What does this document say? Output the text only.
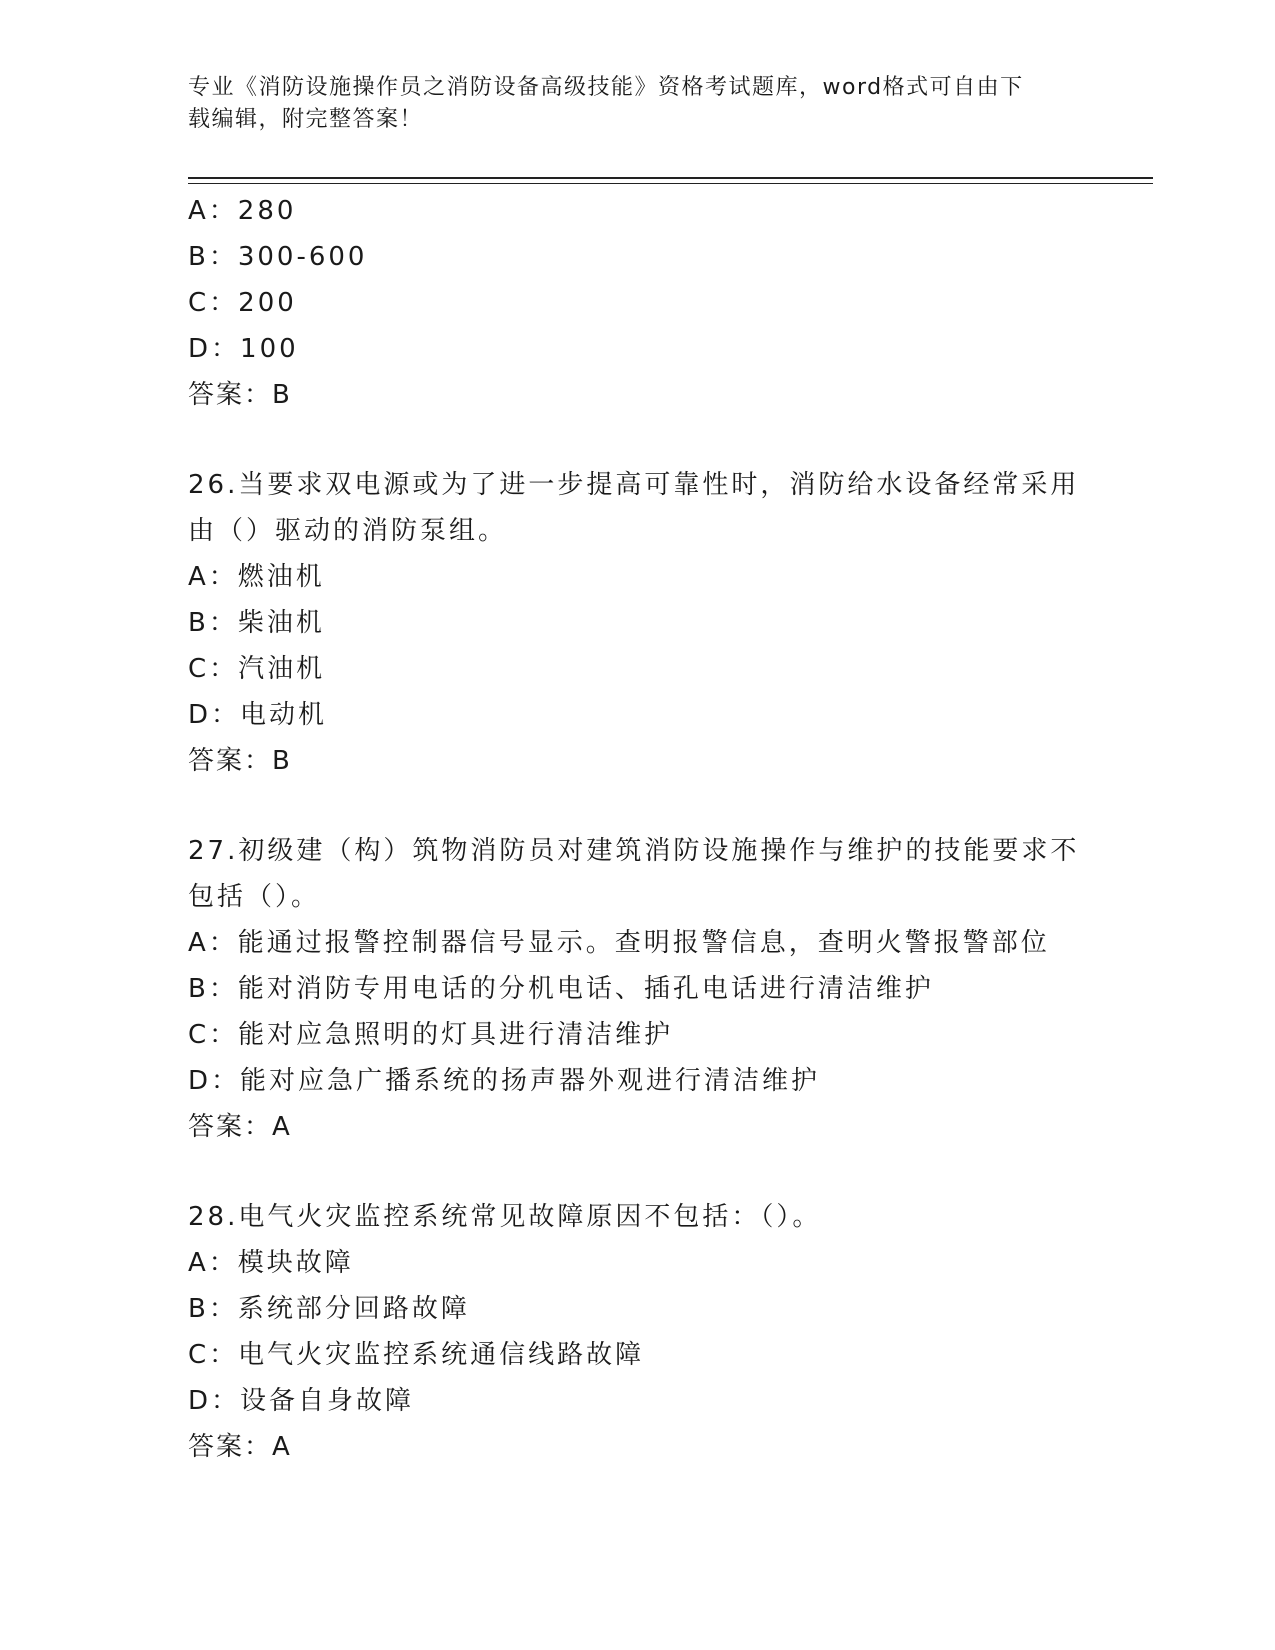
专业《消防设施操作员之消防设备高级技能》资格考试题库，word格式可自由下
载编辑，附完整答案！
A：280
B：300-600
C：200
D：100
答案：B
26.当要求双电源或为了进一步提高可靠性时，消防给水设备经常采用
由（）驱动的消防泵组。
A：燃油机
B：柴油机
C：汽油机
D：电动机
答案：B
27.初级建（构）筑物消防员对建筑消防设施操作与维护的技能要求不
包括（）。
A：能通过报警控制器信号显示。查明报警信息，查明火警报警部位
B：能对消防专用电话的分机电话、插孔电话进行清洁维护
C：能对应急照明的灯具进行清洁维护
D：能对应急广播系统的扬声器外观进行清洁维护
答案：A
28.电气火灾监控系统常见故障原因不包括：（）。
A：模块故障
B：系统部分回路故障
C：电气火灾监控系统通信线路故障
D：设备自身故障
答案：A
